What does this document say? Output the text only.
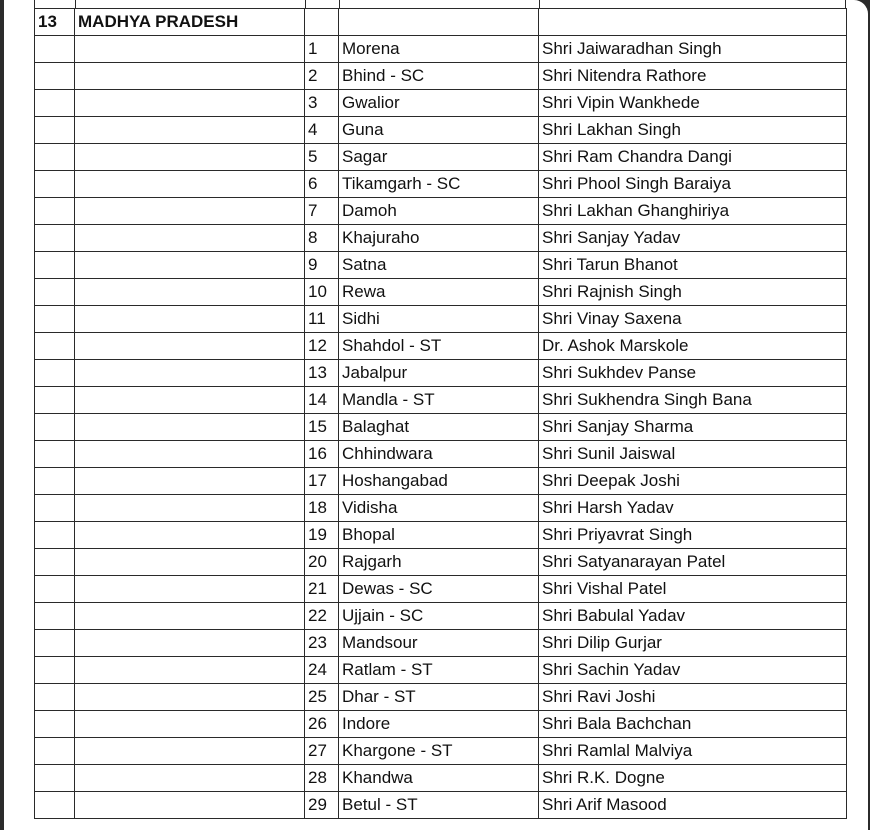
13	MADHYA PRADESH			
		1	Morena	Shri Jaiwaradhan Singh
		2	Bhind - SC	Shri Nitendra Rathore
		3	Gwalior	Shri Vipin Wankhede
		4	Guna	Shri Lakhan Singh
		5	Sagar	Shri Ram Chandra Dangi
		6	Tikamgarh - SC	Shri Phool Singh Baraiya
		7	Damoh	Shri Lakhan Ghanghiriya
		8	Khajuraho	Shri Sanjay Yadav
		9	Satna	Shri Tarun Bhanot
		10	Rewa	Shri Rajnish Singh
		11	Sidhi	Shri Vinay Saxena
		12	Shahdol - ST	Dr. Ashok Marskole
		13	Jabalpur	Shri Sukhdev Panse
		14	Mandla - ST	Shri Sukhendra Singh Bana
		15	Balaghat	Shri Sanjay Sharma
		16	Chhindwara	Shri Sunil Jaiswal
		17	Hoshangabad	Shri Deepak Joshi
		18	Vidisha	Shri Harsh Yadav
		19	Bhopal	Shri Priyavrat Singh
		20	Rajgarh	Shri Satyanarayan Patel
		21	Dewas - SC	Shri Vishal Patel
		22	Ujjain - SC	Shri Babulal Yadav
		23	Mandsour	Shri Dilip Gurjar
		24	Ratlam - ST	Shri Sachin Yadav
		25	Dhar - ST	Shri Ravi Joshi
		26	Indore	Shri Bala Bachchan
		27	Khargone - ST	Shri Ramlal Malviya
		28	Khandwa	Shri R.K. Dogne
		29	Betul - ST	Shri Arif Masood
